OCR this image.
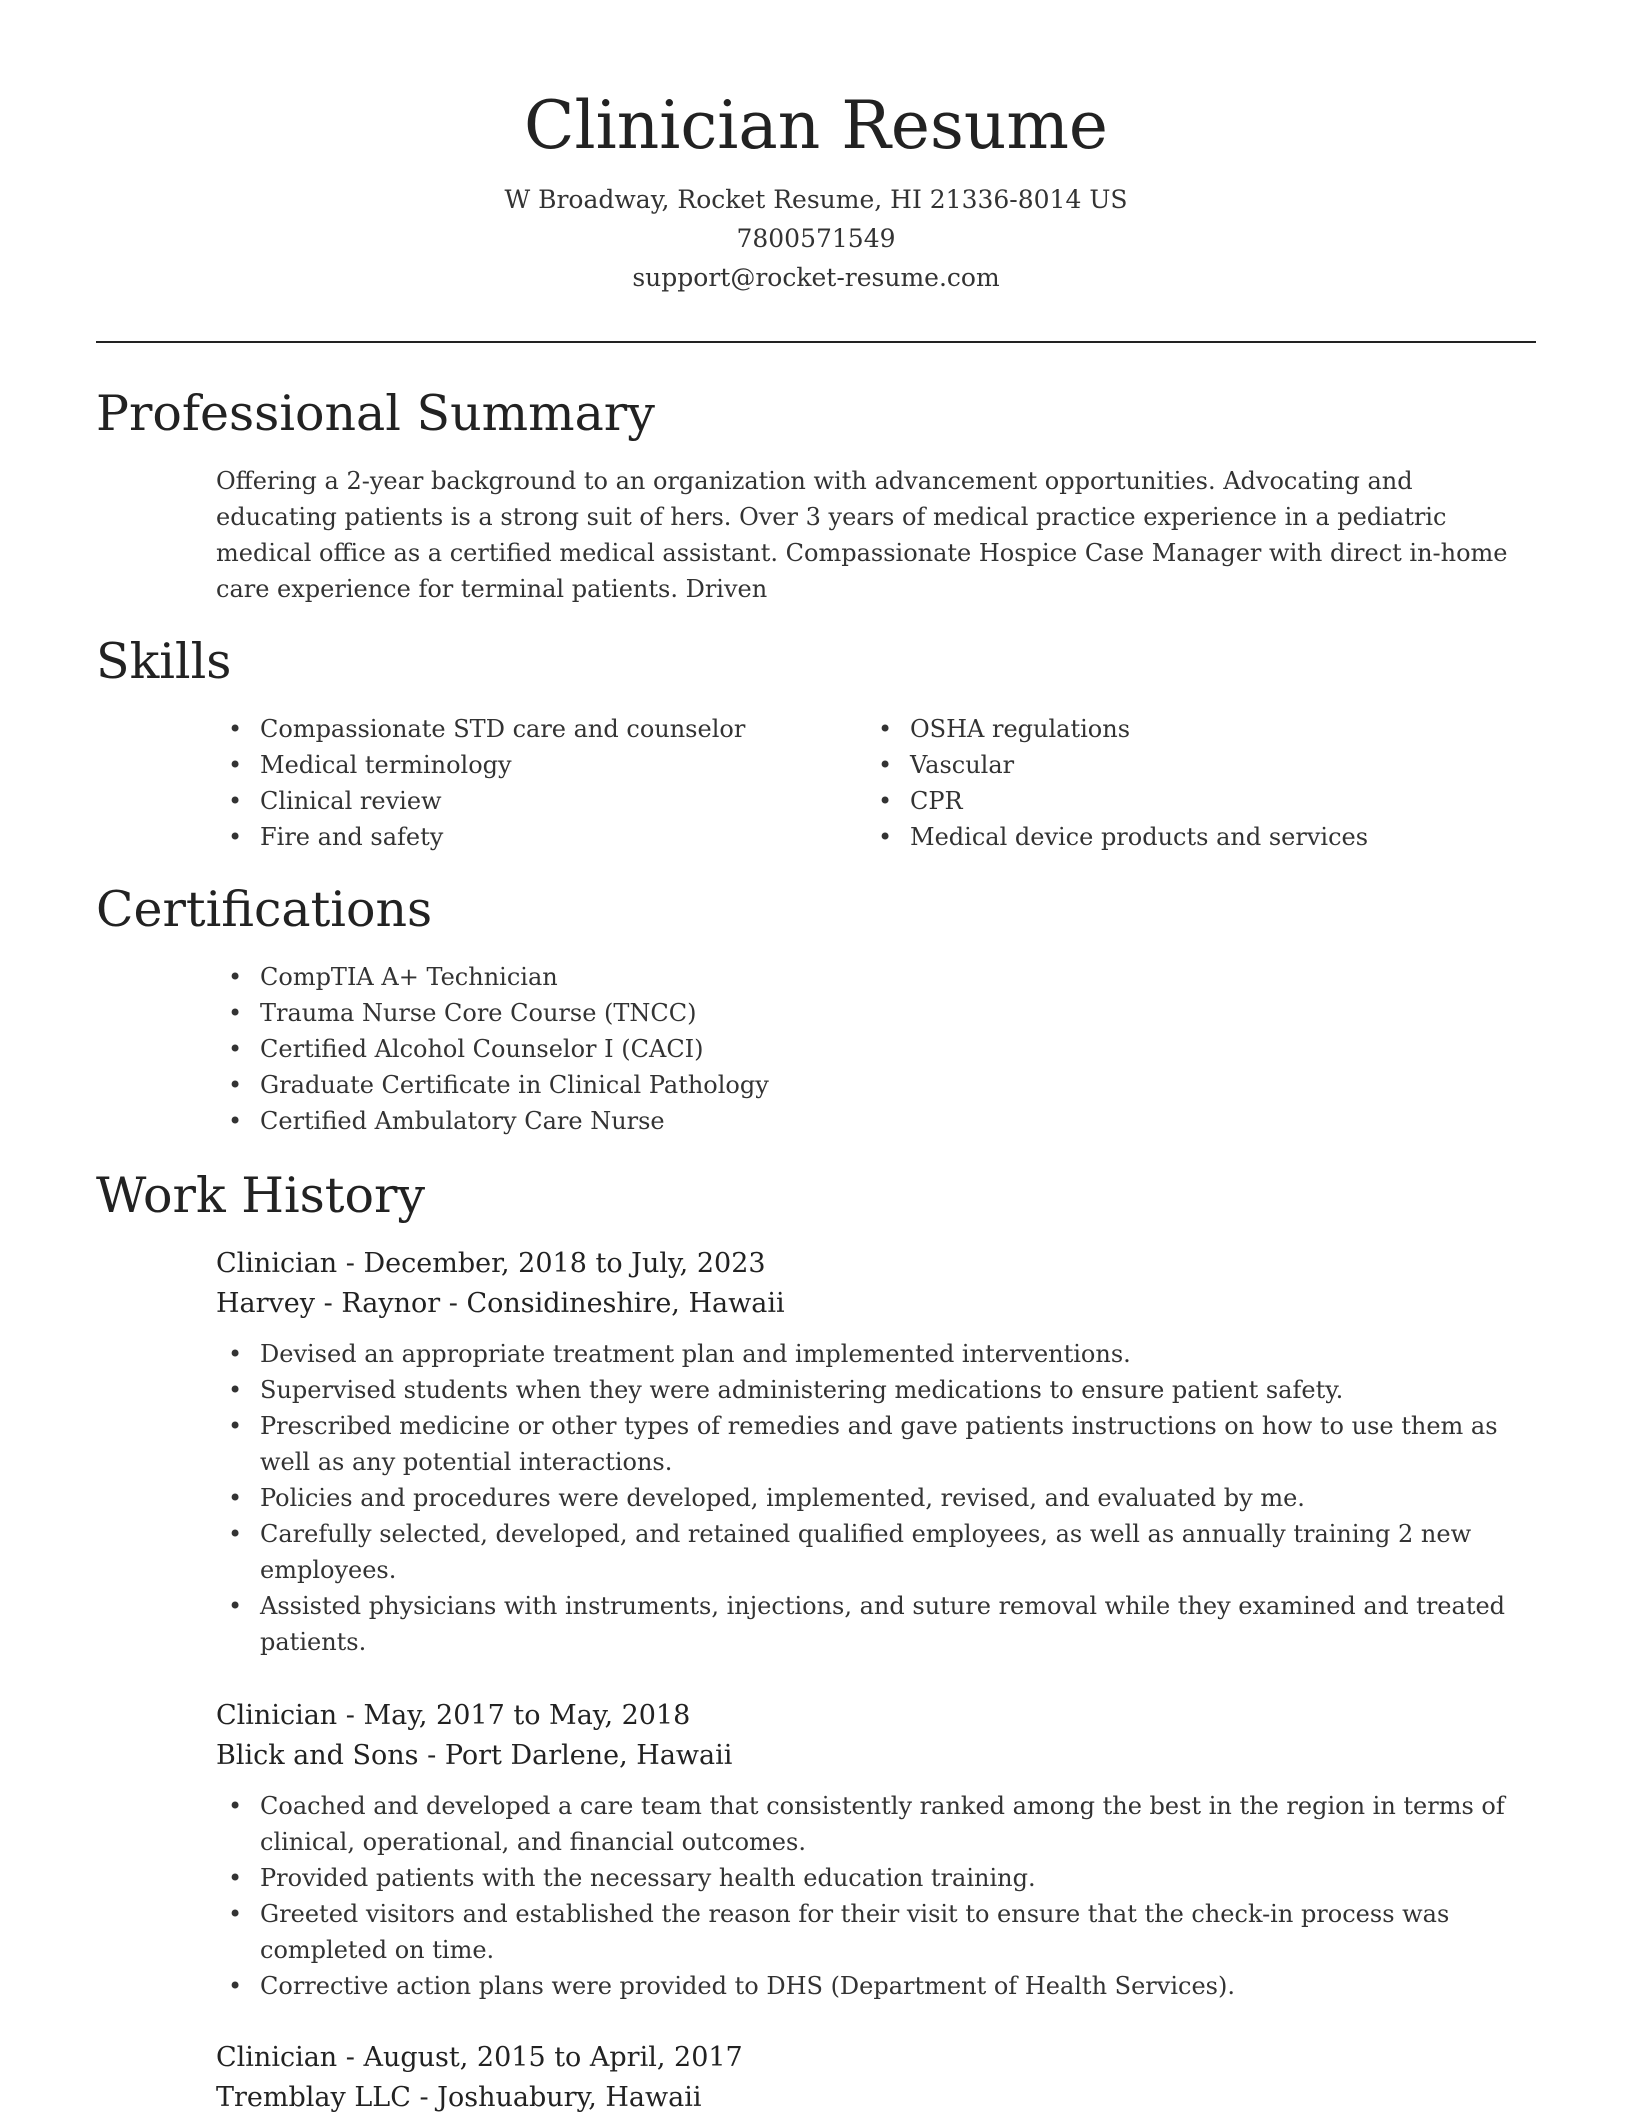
Clinician Resume
W Broadway, Rocket Resume, HI 21336-8014 US
7800571549
support@rocket-resume.com
Professional Summary

Offering a 2-year background to an organization with advancement opportunities. Advocating and educating patients is a strong suit of hers. Over 3 years of medical practice experience in a pediatric medical office as a certified medical assistant. Compassionate Hospice Case Manager with direct in-home care experience for terminal patients. Driven

Skills
• Compassionate STD care and counselor
• Medical terminology
• Clinical review
• Fire and safety
• OSHA regulations
• Vascular
• CPR
• Medical device products and services
Certifications
• CompTIA A+ Technician
• Trauma Nurse Core Course (TNCC)
• Certified Alcohol Counselor I (CACI)
• Graduate Certificate in Clinical Pathology
• Certified Ambulatory Care Nurse
Work History
Clinician - December, 2018 to July, 2023
Harvey - Raynor - Considineshire, Hawaii
• Devised an appropriate treatment plan and implemented interventions.
• Supervised students when they were administering medications to ensure patient safety.
• Prescribed medicine or other types of remedies and gave patients instructions on how to use them as well as any potential interactions.
• Policies and procedures were developed, implemented, revised, and evaluated by me.
• Carefully selected, developed, and retained qualified employees, as well as annually training 2 new employees.
• Assisted physicians with instruments, injections, and suture removal while they examined and treated patients.
Clinician - May, 2017 to May, 2018
Blick and Sons - Port Darlene, Hawaii
• Coached and developed a care team that consistently ranked among the best in the region in terms of clinical, operational, and financial outcomes.
• Provided patients with the necessary health education training.
• Greeted visitors and established the reason for their visit to ensure that the check-in process was completed on time.
• Corrective action plans were provided to DHS (Department of Health Services).
Clinician - August, 2015 to April, 2017
Tremblay LLC - Joshuabury, Hawaii
